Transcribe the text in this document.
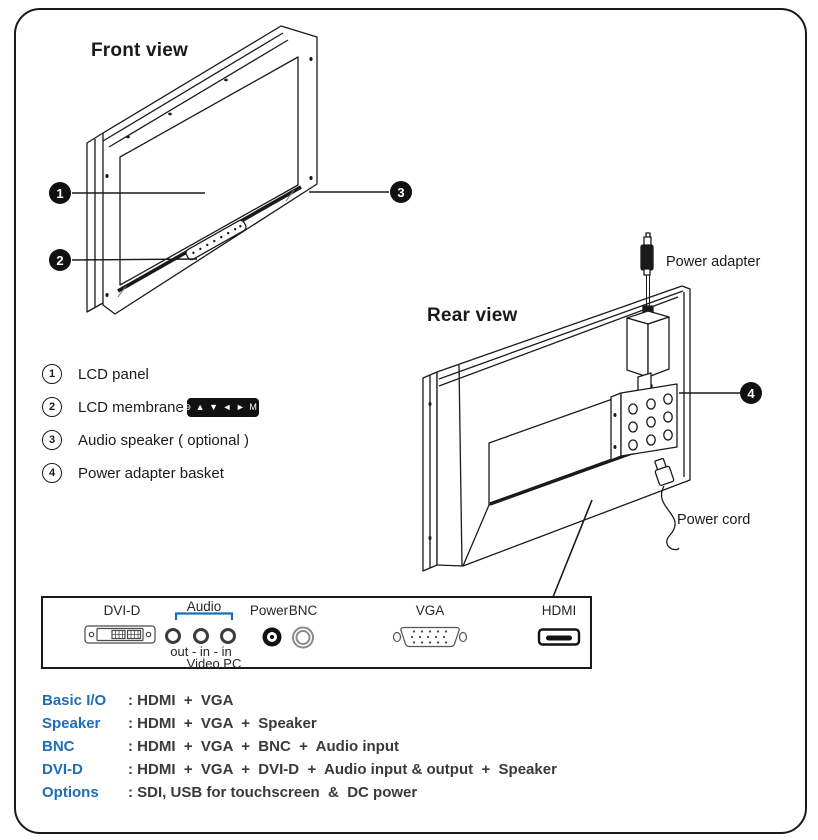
Front view
Rear view
Power adapter
Power cord
1
2
3
4
1	LCD panel
2	LCD membrane
· ⊖ ▲ ▼ ◄ ► M ↷
3	Audio speaker ( optional )
4	Power adapter basket
DVI-D	Audio	Power BNC	VGA	HDMI
out - in - in
Video PC
Basic I/O	: HDMI  +  VGA
Speaker	: HDMI  +  VGA  +  Speaker
BNC	: HDMI  +  VGA  +  BNC  +  Audio input
DVI-D	: HDMI  +  VGA  +  DVI-D  +  Audio input & output  +  Speaker
Options	: SDI, USB for touchscreen  &  DC power
